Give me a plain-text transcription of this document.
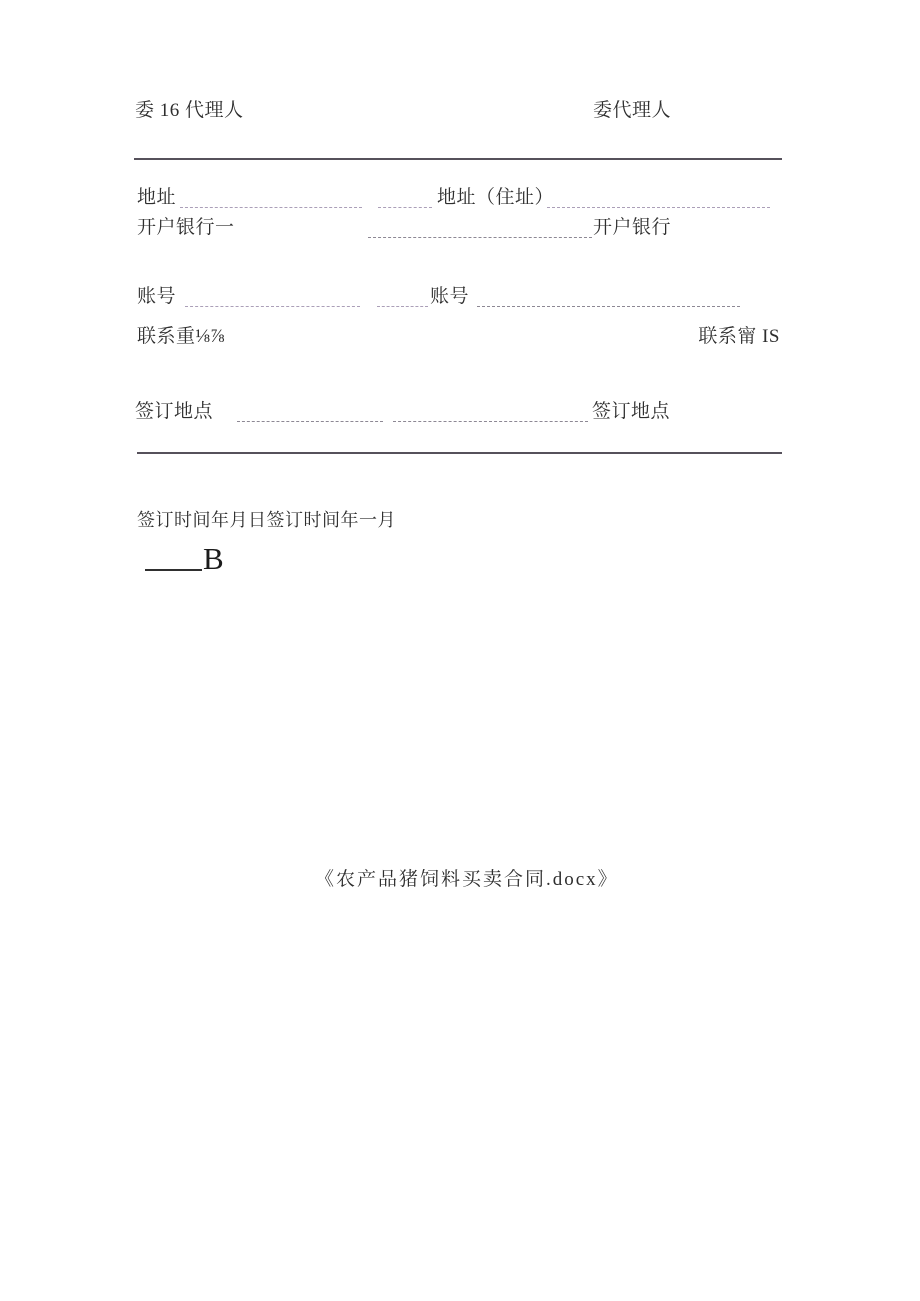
委 16 代理人	委代理人
地址	地址（住址）
开户银行一	开户银行
账号	账号
联系重⅛⅞	联系甯 IS
签订地点	签订地点
签订时间年月日签订时间年一月
B
《农产品猪饲料买卖合同.docx》
